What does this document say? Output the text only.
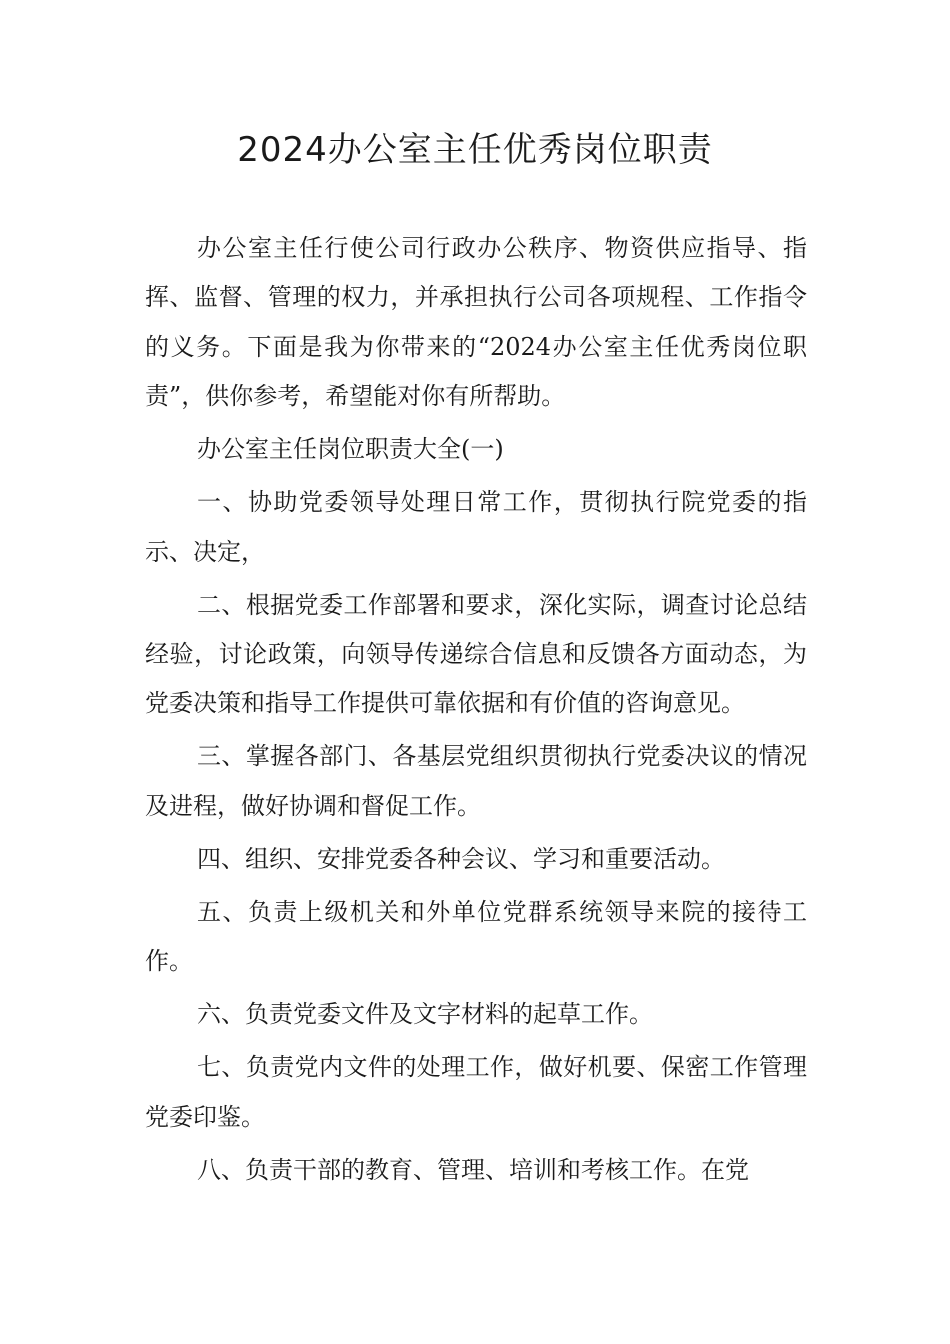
2024办公室主任优秀岗位职责

办公室主任行使公司行政办公秩序、物资供应指导、指挥、监督、管理的权力，并承担执行公司各项规程、工作指令的义务。下面是我为你带来的“2024办公室主任优秀岗位职责”，供你参考，希望能对你有所帮助。

办公室主任岗位职责大全(一)

一、协助党委领导处理日常工作，贯彻执行院党委的指示、决定，

二、根据党委工作部署和要求，深化实际，调查讨论总结经验，讨论政策，向领导传递综合信息和反馈各方面动态，为党委决策和指导工作提供可靠依据和有价值的咨询意见。

三、掌握各部门、各基层党组织贯彻执行党委决议的情况及进程，做好协调和督促工作。

四、组织、安排党委各种会议、学习和重要活动。

五、负责上级机关和外单位党群系统领导来院的接待工作。

六、负责党委文件及文字材料的起草工作。

七、负责党内文件的处理工作，做好机要、保密工作管理党委印鉴。

八、负责干部的教育、管理、培训和考核工作。在党
